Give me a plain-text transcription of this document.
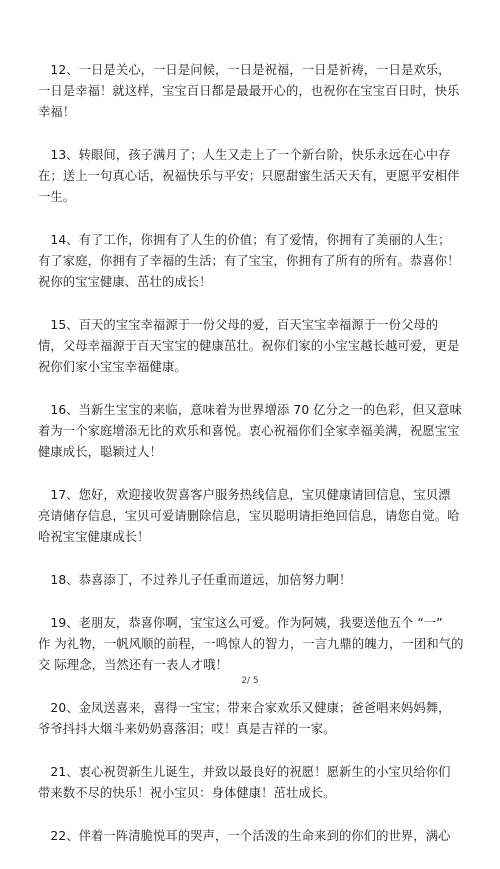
　12、一日是关心，一日是问候，一日是祝福，一日是祈祷，一日是欢乐，
一日是幸福！就这样，宝宝百日都是最最开心的，也祝你在宝宝百日时，快乐
幸福！

　13、转眼间，孩子满月了；人生又走上了一个新台阶，快乐永远在心中存
在；送上一句真心话，祝福快乐与平安；只愿甜蜜生活天天有，更愿平安相伴
一生。

　14、有了工作，你拥有了人生的价值；有了爱情，你拥有了美丽的人生；
有了家庭，你拥有了幸福的生活；有了宝宝，你拥有了所有的所有。恭喜你！
祝你的宝宝健康、茁壮的成长！

　15、百天的宝宝幸福源于一份父母的爱，百天宝宝幸福源于一份父母的
情，父母幸福源于百天宝宝的健康茁壮。祝你们家的小宝宝越长越可爱，更是
祝你们家小宝宝幸福健康。

　16、当新生宝宝的来临，意味着为世界增添 70 亿分之一的色彩，但又意味
着为一个家庭增添无比的欢乐和喜悦。衷心祝福你们全家幸福美满，祝愿宝宝
健康成长，聪颖过人！

　17、您好，欢迎接收贺喜客户服务热线信息，宝贝健康请回信息，宝贝漂
亮请储存信息，宝贝可爱请删除信息，宝贝聪明请拒绝回信息，请您自觉。哈
哈祝宝宝健康成长！

　18、恭喜添丁，不过养儿子任重而道远，加倍努力啊！

　19、老朋友，恭喜你啊，宝宝这么可爱。作为阿姨，我要送他五个 “一”
作 为礼物，一帆风顺的前程，一鸣惊人的智力，一言九鼎的魄力，一团和气的
交 际理念，当然还有一表人才哦！

　20、金凤送喜来，喜得一宝宝；带来合家欢乐又健康；爸爸唱来妈妈舞，
爷爷抖抖大烟斗来奶奶喜落泪；哎！真是吉祥的一家。

　21、衷心祝贺新生儿诞生，并致以最良好的祝愿！愿新生的小宝贝给你们
带来数不尽的快乐！祝小宝贝：身体健康！茁壮成长。

　22、伴着一阵清脆悦耳的哭声，一个活泼的生命来到的你们的世界，满心

2/ 5
